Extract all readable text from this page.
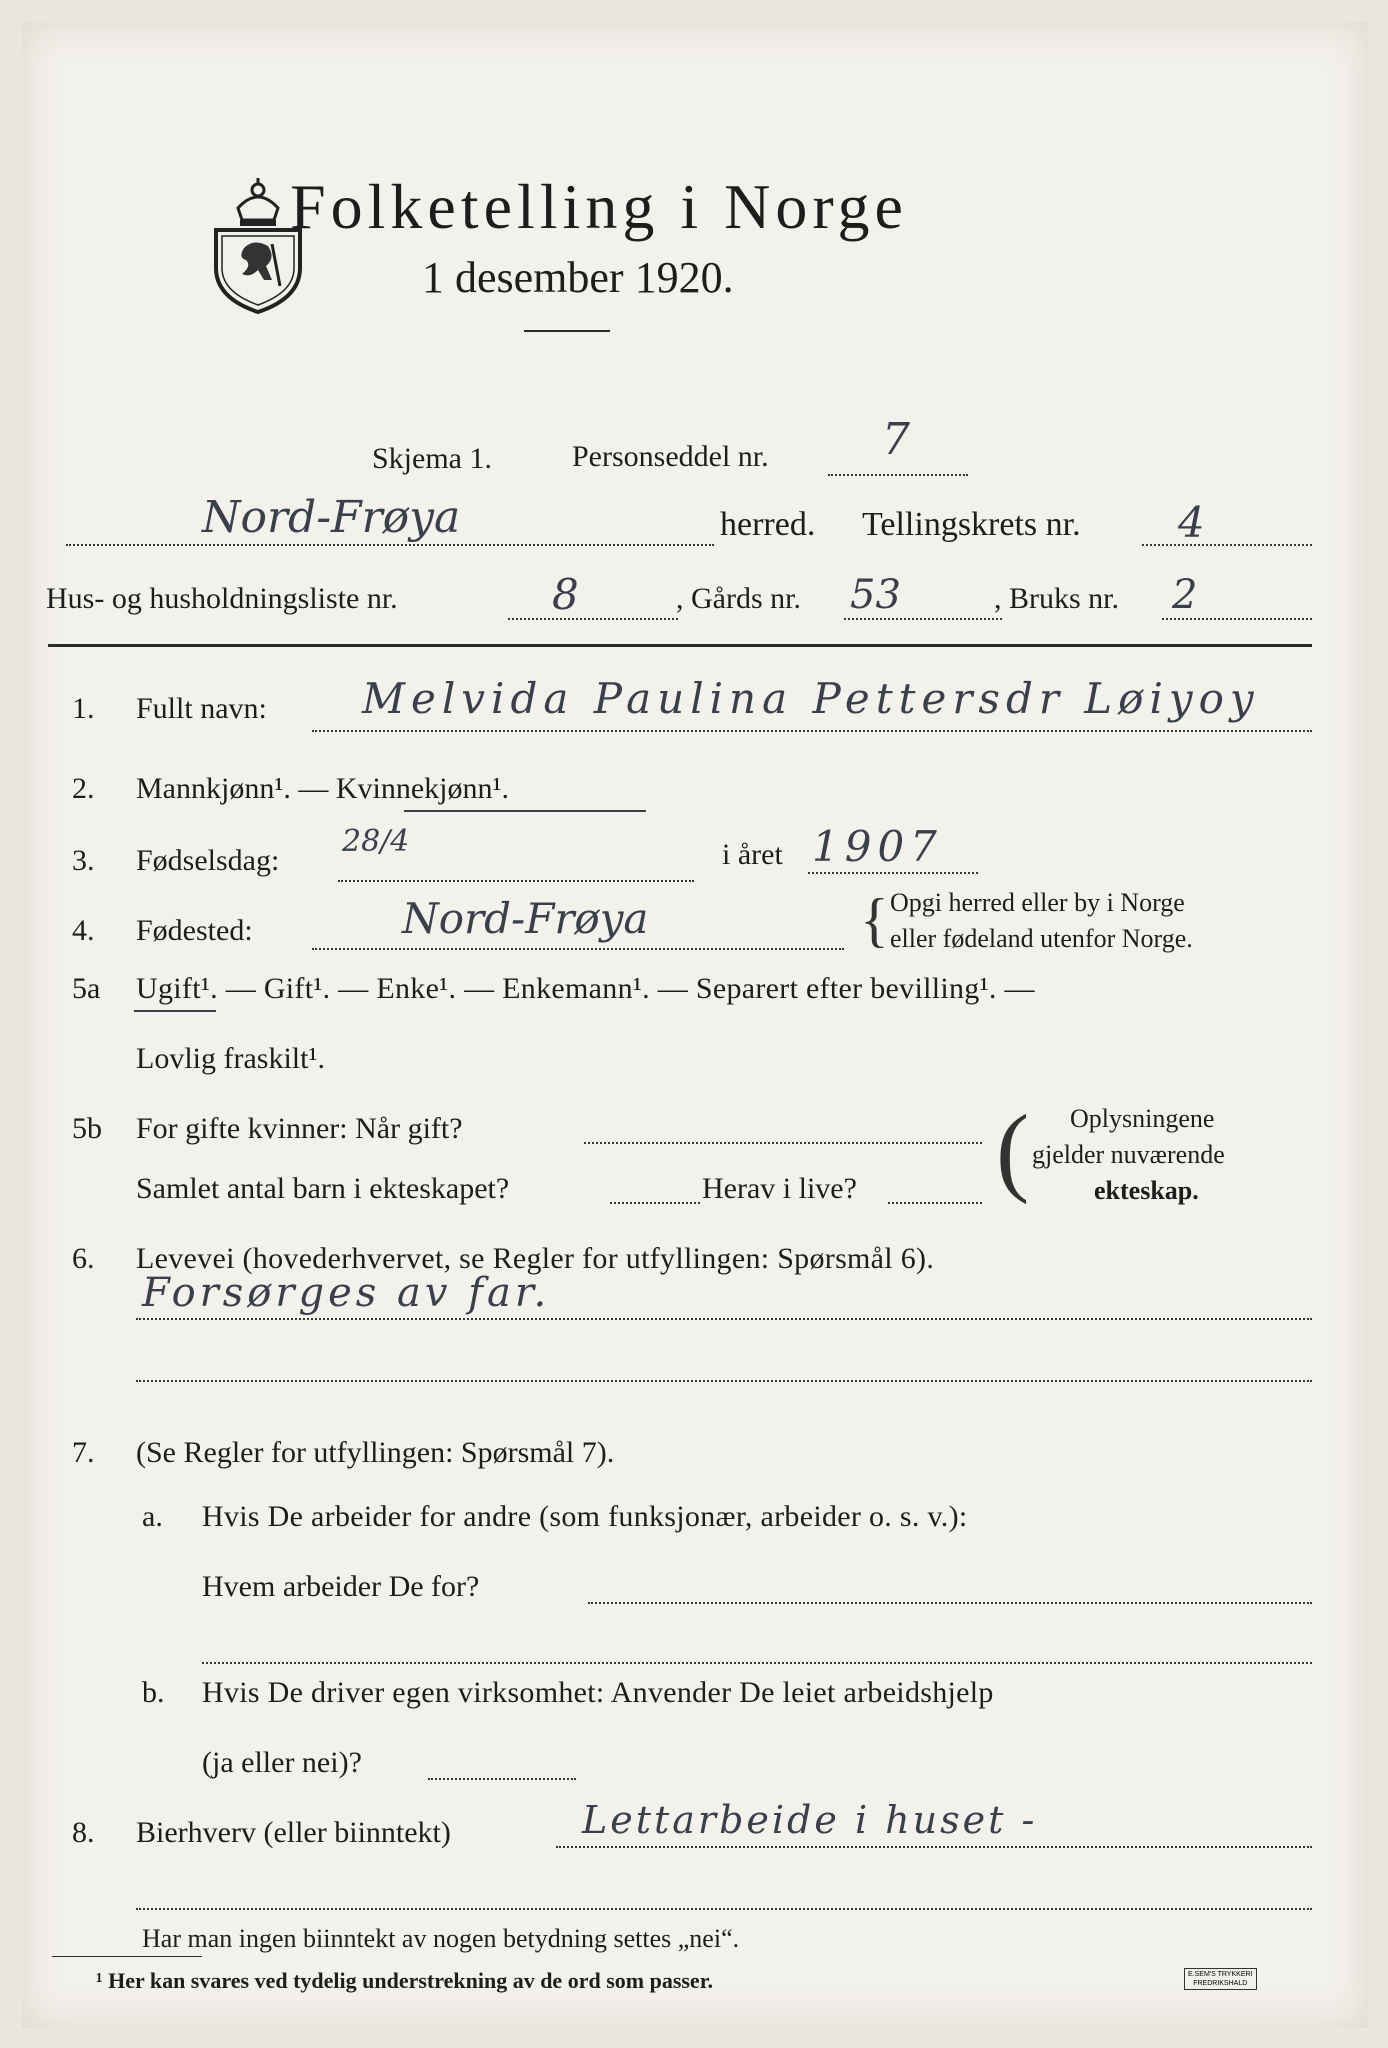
Folketelling i Norge
1 desember 1920.
Skjema 1.	Personseddel nr.	7
Nord-Frøya	herred. Tellingskrets nr. 4
Hus- og husholdningsliste nr.	8	, Gårds nr. 53	, Bruks nr. 2
1. Fullt navn: Melvida Paulina Pettersdr Løiyoy
2. Mannkjønn¹. — Kvinnekjønn¹.
3. Fødselsdag:
28/4	i året 1907
4. Fødested:	Nord-Frøya	{ Opgi herred eller by i Norge
eller fødeland utenfor Norge.
5a Ugift¹. — Gift¹. — Enke¹. — Enkemann¹. — Separert efter bevilling¹. —
Lovlig fraskilt¹.
5b For gifte kvinner: Når gift?
Samlet antal barn i ekteskapet?	Herav i live? ( Oplysningene
gjelder nuværende
ekteskap.
6. Levevei (hovederhvervet, se Regler for utfyllingen: Spørsmål 6).
Forsørges av far.
7. (Se Regler for utfyllingen: Spørsmål 7).
a. Hvis De arbeider for andre (som funksjonær, arbeider o. s. v.):
Hvem arbeider De for?
b. Hvis De driver egen virksomhet: Anvender De leiet arbeidshjelp
(ja eller nei)?
8. Bierhverv (eller biinntekt)	Lettarbeide i huset -
Har man ingen biinntekt av nogen betydning settes „nei“.
¹ Her kan svares ved tydelig understrekning av de ord som passer.	E.SEM'S TRYKKERI
FREDRIKSHALD
